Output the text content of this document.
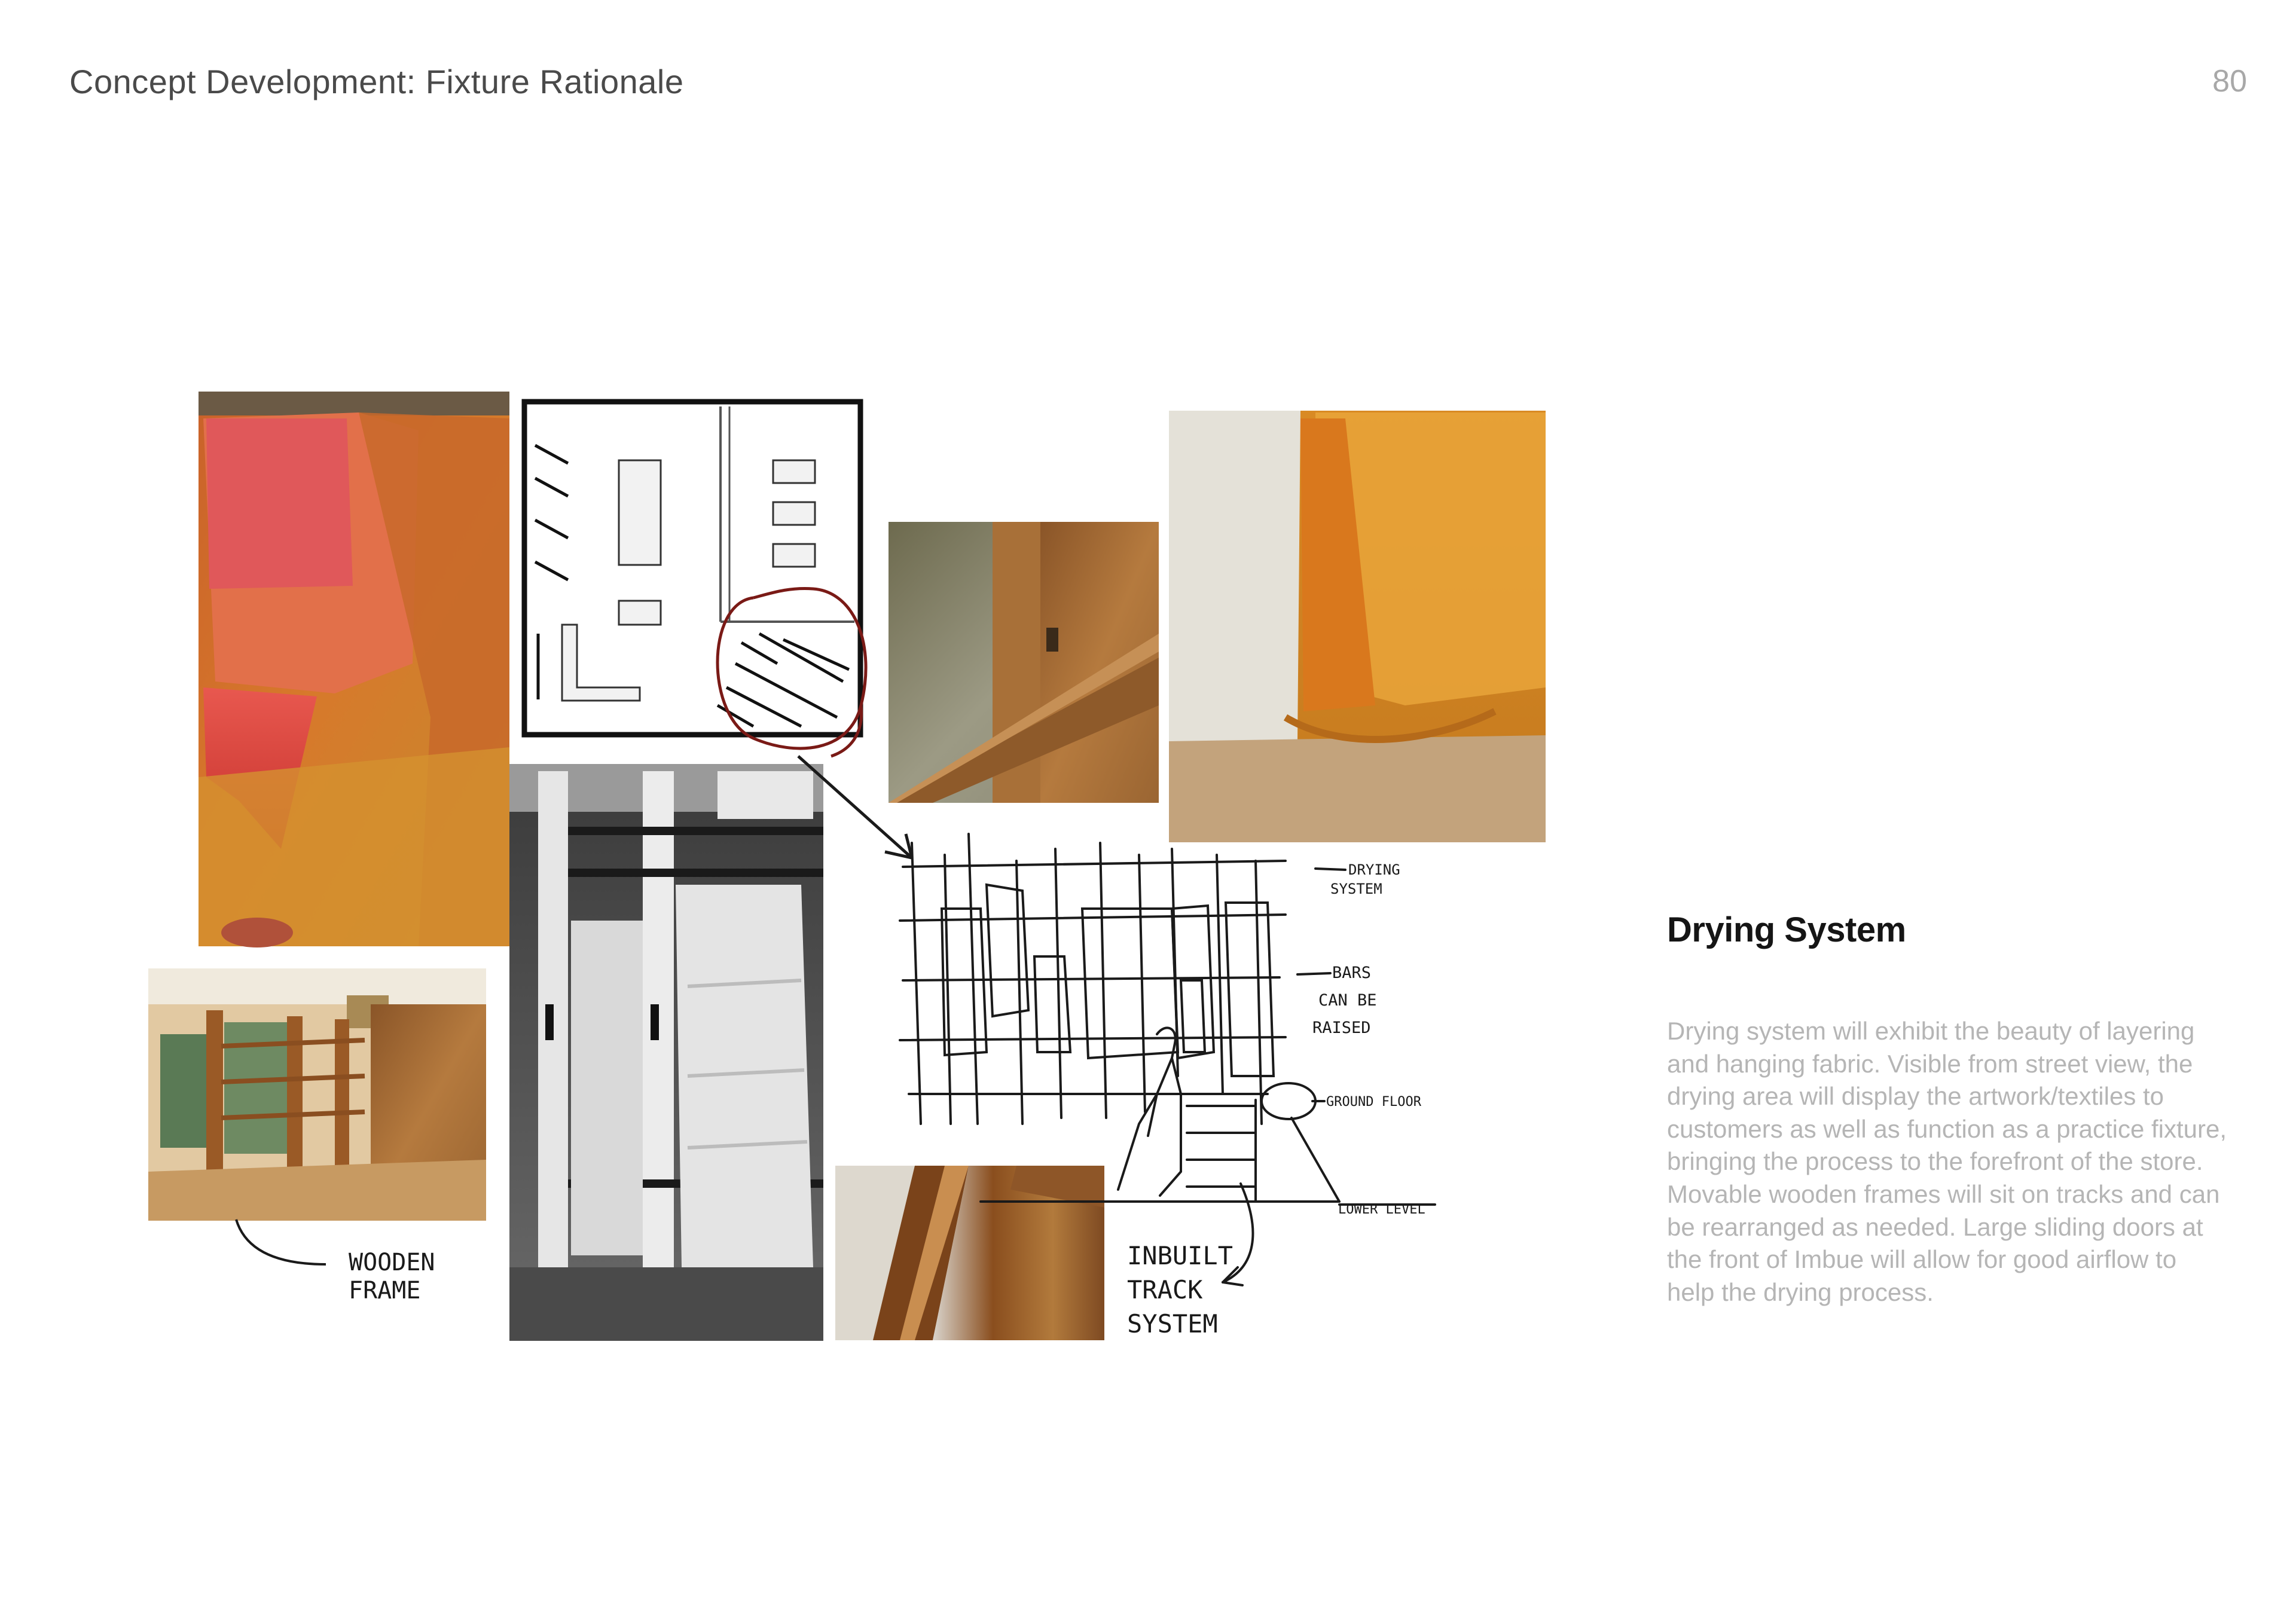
Concept Development: Fixture Rationale	80
WOODEN
FRAME
INBUILT
TRACK
SYSTEM
DRYING
SYSTEM
BARS
CAN BE
RAISED
GROUND FLOOR
LOWER LEVEL
Drying System
Drying system will exhibit the beauty of layering and hanging fabric. Visible from street view, the drying area will display the artwork/textiles to customers as well as function as a practice fixture, bringing the process to the forefront of the store. Movable wooden frames will sit on tracks and can be rearranged as needed. Large sliding doors at the front of Imbue will allow for good airflow to help the drying process.
